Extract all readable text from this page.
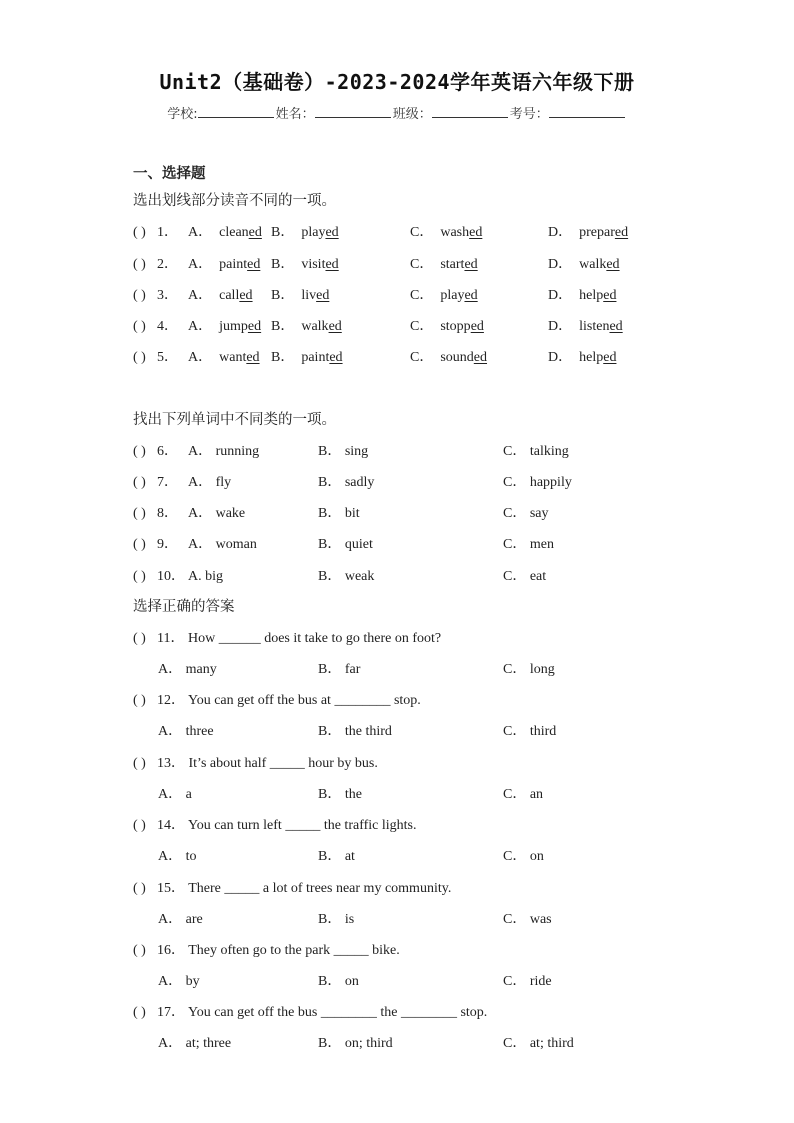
Unit2（基础卷）-2023-2024学年英语六年级下册
学校:	姓名：	班级：	考号：
一、选择题
选出划线部分读音不同的一项。
( ) 1． A． cleaned B． played	C． washed	D． prepared
( ) 2． A． painted B． visited	C． started	D． walked
( ) 3． A． called B． lived	C． played	D． helped
( ) 4． A． jumped B． walked	C． stopped	D． listened
( ) 5． A． wanted B． painted	C． sounded	D． helped
找出下列单词中不同类的一项。
( ) 6． A． running	B． sing	C． talking
( ) 7． A． fly	B． sadly	C． happily
( ) 8． A． wake	B． bit	C． say
( ) 9． A． woman	B． quiet	C． men
( ) 10． A. big	B． weak	C． eat
选择正确的答案
( ) 11． How ______ does it take to go there on foot?
A． many	B． far	C． long
( ) 12． You can get off the bus at ________ stop.
A． three	B． the third	C． third
( ) 13． It’s about half _____ hour by bus.
A． a	B． the	C． an
( ) 14． You can turn left _____ the traffic lights.
A． to	B． at	C． on
( ) 15． There _____ a lot of trees near my community.
A． are	B． is	C． was
( ) 16． They often go to the park _____ bike.
A． by	B． on	C． ride
( ) 17． You can get off the bus ________ the ________ stop.
A． at; three	B． on; third	C． at; third
